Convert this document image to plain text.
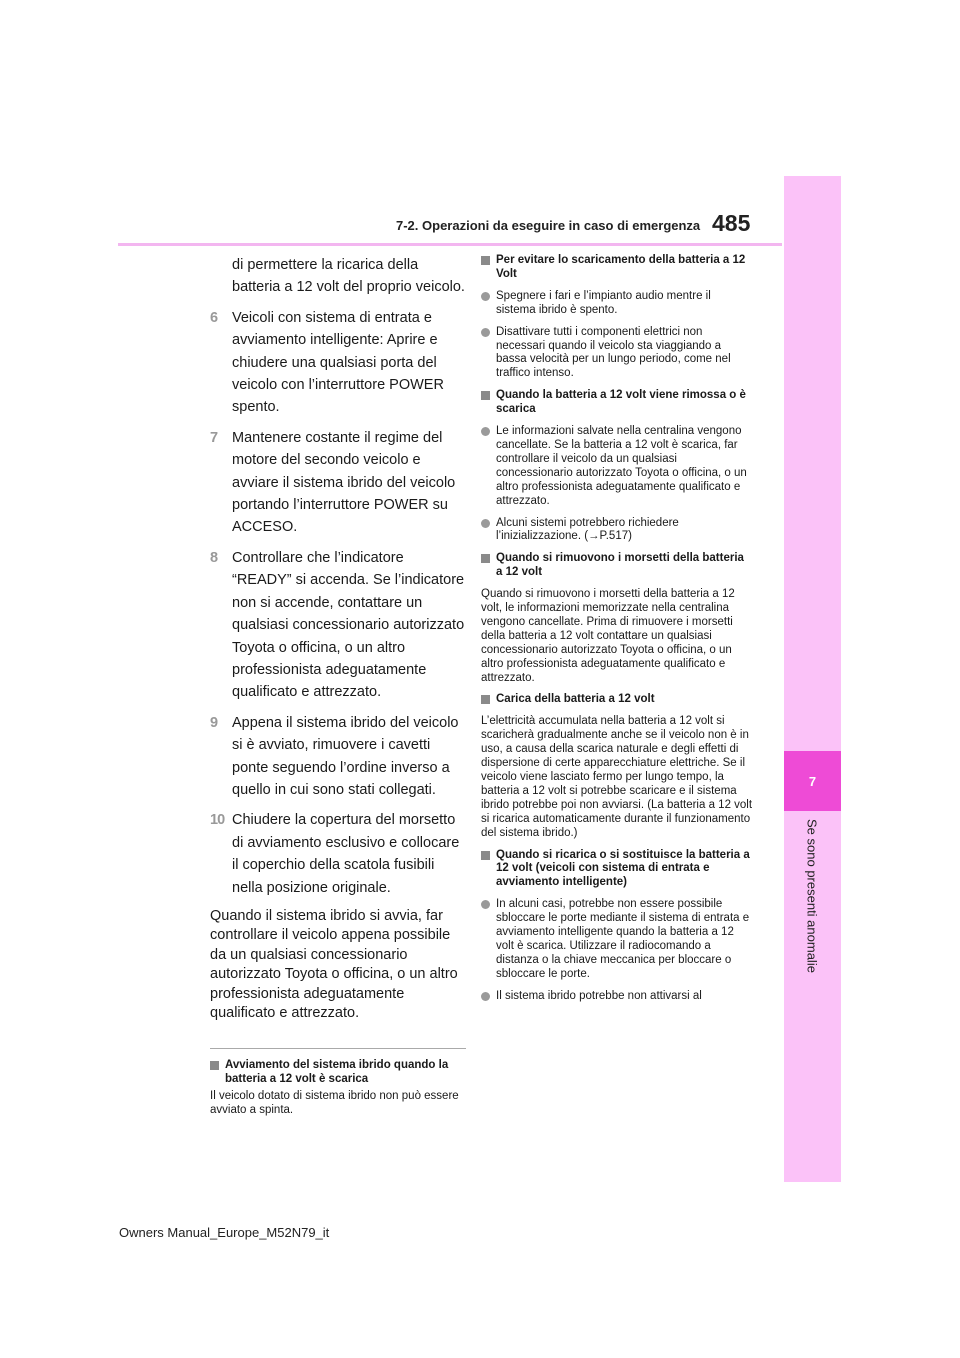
7
Se sono presenti anomalie
7-2. Operazioni da eseguire in caso di emergenza 485
di permettere la ricarica della batteria a 12 volt del proprio veicolo.
6 Veicoli con sistema di entrata e avviamento intelligente: Aprire e chiudere una qualsiasi porta del veicolo con l’interruttore POWER spento.
7 Mantenere costante il regime del motore del secondo veicolo e avviare il sistema ibrido del veicolo portando l’interruttore POWER su ACCESO.
8 Controllare che l’indicatore “READY” si accenda. Se l’indicatore non si accende, contattare un qualsiasi concessionario autorizzato Toyota o officina, o un altro professionista adeguatamente qualificato e attrezzato.
9 Appena il sistema ibrido del veicolo si è avviato, rimuovere i cavetti ponte seguendo l’ordine inverso a quello in cui sono stati collegati.
10 Chiudere la copertura del morsetto di avviamento esclusivo e collocare il coperchio della scatola fusibili nella posizione originale.
Quando il sistema ibrido si avvia, far controllare il veicolo appena possibile da un qualsiasi concessionario autorizzato Toyota o officina, o un altro professionista adeguatamente qualificato e attrezzato.
Avviamento del sistema ibrido quando la batteria a 12 volt è scarica
Il veicolo dotato di sistema ibrido non può essere avviato a spinta.
Per evitare lo scaricamento della batteria a 12 Volt
Spegnere i fari e l’impianto audio mentre il sistema ibrido è spento.
Disattivare tutti i componenti elettrici non necessari quando il veicolo sta viaggiando a bassa velocità per un lungo periodo, come nel traffico intenso.
Quando la batteria a 12 volt viene rimossa o è scarica
Le informazioni salvate nella centralina vengono cancellate. Se la batteria a 12 volt è scarica, far controllare il veicolo da un qualsiasi concessionario autorizzato Toyota o officina, o un altro professionista adeguatamente qualificato e attrezzato.
Alcuni sistemi potrebbero richiedere l’inizializzazione. (→P.517)
Quando si rimuovono i morsetti della batteria a 12 volt
Quando si rimuovono i morsetti della batteria a 12 volt, le informazioni memorizzate nella centralina vengono cancellate. Prima di rimuovere i morsetti della batteria a 12 volt contattare un qualsiasi concessionario autorizzato Toyota o officina, o un altro professionista adeguatamente qualificato e attrezzato.
Carica della batteria a 12 volt
L’elettricità accumulata nella batteria a 12 volt si scaricherà gradualmente anche se il veicolo non è in uso, a causa della scarica naturale e degli effetti di dispersione di certe apparecchiature elettriche. Se il veicolo viene lasciato fermo per lungo tempo, la batteria a 12 volt si potrebbe scaricare e il sistema ibrido potrebbe poi non avviarsi. (La batteria a 12 volt si ricarica automaticamente durante il funzionamento del sistema ibrido.)
Quando si ricarica o si sostituisce la batteria a 12 volt (veicoli con sistema di entrata e avviamento intelligente)
In alcuni casi, potrebbe non essere possibile sbloccare le porte mediante il sistema di entrata e avviamento intelligente quando la batteria a 12 volt è scarica. Utilizzare il radiocomando a distanza o la chiave meccanica per bloccare o sbloccare le porte.
Il sistema ibrido potrebbe non attivarsi al
Owners Manual_Europe_M52N79_it
